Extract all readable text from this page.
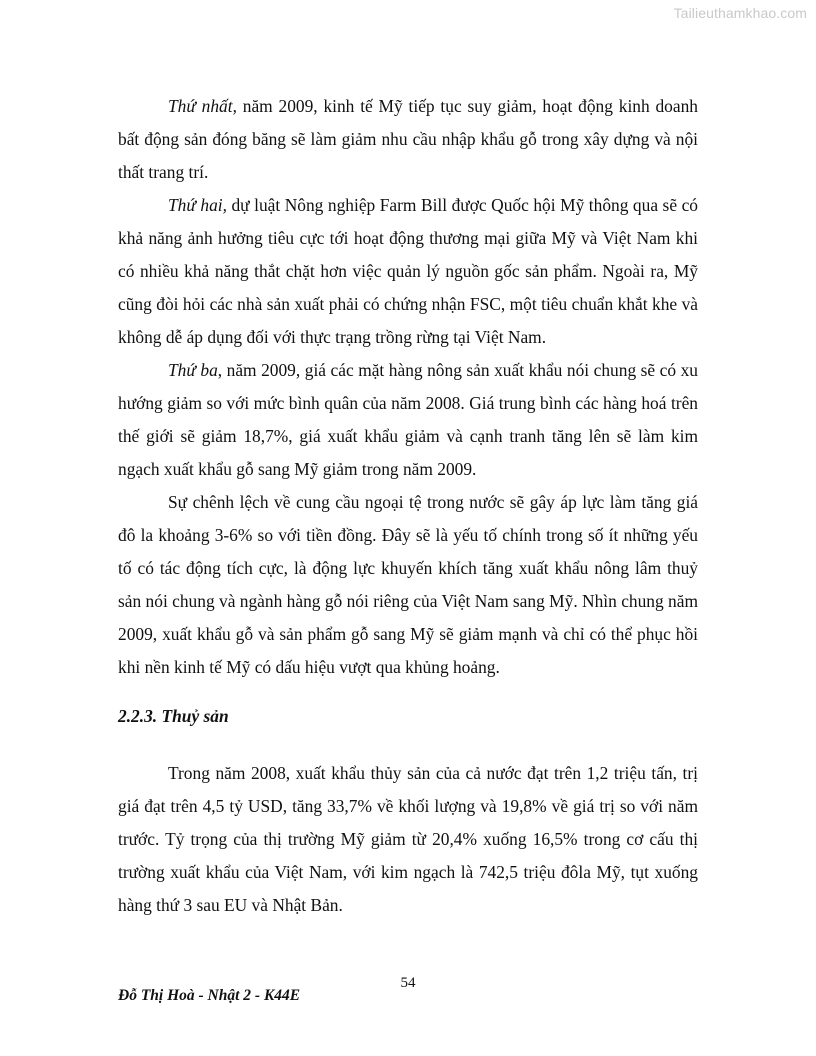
Tailieuthamkhao.com

Thứ nhất, năm 2009, kinh tế Mỹ tiếp tục suy giảm, hoạt động kinh doanh bất động sản đóng băng sẽ làm giảm nhu cầu nhập khẩu gỗ trong xây dựng và nội thất trang trí.

Thứ hai, dự luật Nông nghiệp Farm Bill được Quốc hội Mỹ thông qua sẽ có khả năng ảnh hưởng tiêu cực tới hoạt động thương mại giữa Mỹ và Việt Nam khi có nhiều khả năng thắt chặt hơn việc quản lý nguồn gốc sản phẩm. Ngoài ra, Mỹ cũng đòi hỏi các nhà sản xuất phải có chứng nhận FSC, một tiêu chuẩn khắt khe và không dễ áp dụng đối với thực trạng trồng rừng tại Việt Nam.

Thứ ba, năm 2009, giá các mặt hàng nông sản xuất khẩu nói chung sẽ có xu hướng giảm so với mức bình quân của năm 2008. Giá trung bình các hàng hoá trên thế giới sẽ giảm 18,7%, giá xuất khẩu giảm và cạnh tranh tăng lên sẽ làm kim ngạch xuất khẩu gỗ sang Mỹ giảm trong năm 2009.

Sự chênh lệch về cung cầu ngoại tệ trong nước sẽ gây áp lực làm tăng giá đô la khoảng 3-6% so với tiền đồng. Đây sẽ là yếu tố chính trong số ít những yếu tố có tác động tích cực, là động lực khuyến khích tăng xuất khẩu nông lâm thuỷ sản nói chung và ngành hàng gỗ nói riêng của Việt Nam sang Mỹ. Nhìn chung năm 2009, xuất khẩu gỗ và sản phẩm gỗ sang Mỹ sẽ giảm mạnh và chỉ có thể phục hồi khi nền kinh tế Mỹ có dấu hiệu vượt qua khủng hoảng.

2.2.3. Thuỷ sản

Trong năm 2008, xuất khẩu thủy sản của cả nước đạt trên 1,2 triệu tấn, trị giá đạt trên 4,5 tỷ USD, tăng 33,7% về khối lượng và 19,8% về giá trị so với năm trước. Tỷ trọng của thị trường Mỹ giảm từ 20,4% xuống 16,5% trong cơ cấu thị trường xuất khẩu của Việt Nam, với kim ngạch là 742,5 triệu đôla Mỹ, tụt xuống hàng thứ 3 sau EU và Nhật Bản.

54
Đỗ Thị Hoà - Nhật 2 - K44E
